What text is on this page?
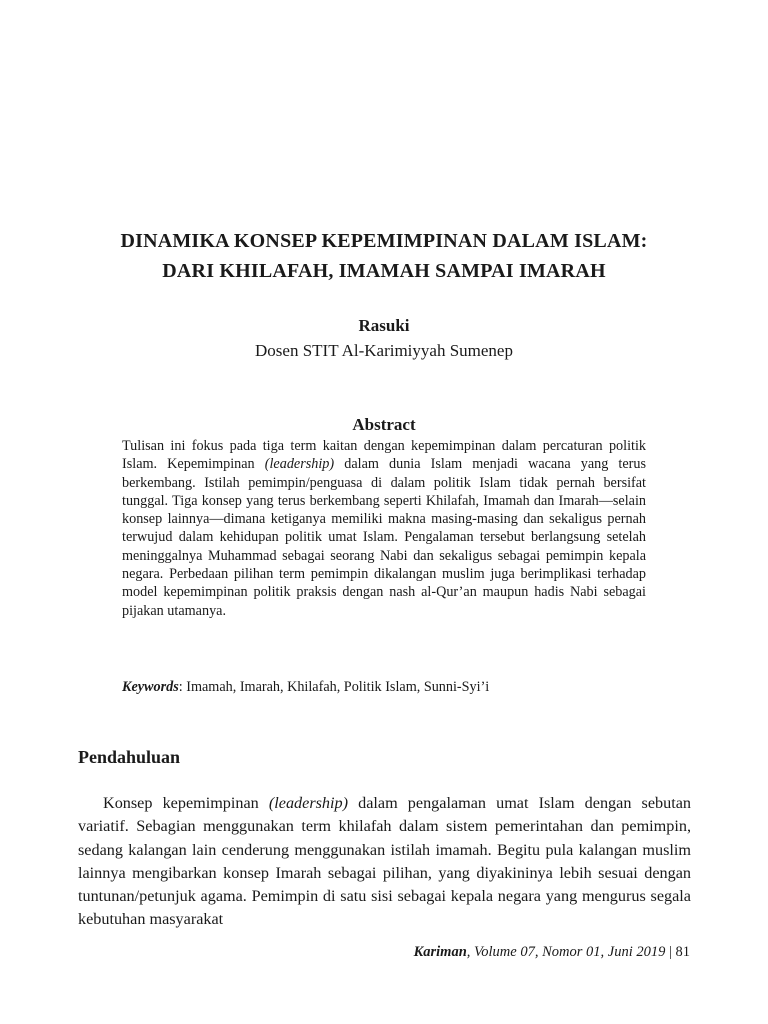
DINAMIKA KONSEP KEPEMIMPINAN DALAM ISLAM:
DARI KHILAFAH, IMAMAH SAMPAI IMARAH
Rasuki
Dosen STIT Al-Karimiyyah Sumenep
Abstract

Tulisan ini fokus pada tiga term kaitan dengan kepemimpinan dalam percaturan politik Islam. Kepemimpinan (leadership) dalam dunia Islam menjadi wacana yang terus berkembang. Istilah pemimpin/penguasa di dalam politik Islam tidak pernah bersifat tunggal. Tiga konsep yang terus berkembang seperti Khilafah, Imamah dan Imarah—selain konsep lainnya—dimana ketiganya memiliki makna masing-masing dan sekaligus pernah terwujud dalam kehidupan politik umat Islam. Pengalaman tersebut berlangsung setelah meninggalnya Muhammad sebagai seorang Nabi dan sekaligus sebagai pemimpin kepala negara. Perbedaan pilihan term pemimpin dikalangan muslim juga berimplikasi terhadap model kepemimpinan politik praksis dengan nash al-Qur’an maupun hadis Nabi sebagai pijakan utamanya.

Keywords: Imamah, Imarah, Khilafah, Politik Islam, Sunni-Syi’i
Pendahuluan

Konsep kepemimpinan (leadership) dalam pengalaman umat Islam dengan sebutan variatif. Sebagian menggunakan term khilafah dalam sistem pemerintahan dan pemimpin, sedang kalangan lain cenderung menggunakan istilah imamah. Begitu pula kalangan muslim lainnya mengibarkan konsep Imarah sebagai pilihan, yang diyakininya lebih sesuai dengan tuntunan/petunjuk agama. Pemimpin di satu sisi sebagai kepala negara yang mengurus segala kebutuhan masyarakat

Kariman, Volume 07, Nomor 01, Juni 2019 | 81
